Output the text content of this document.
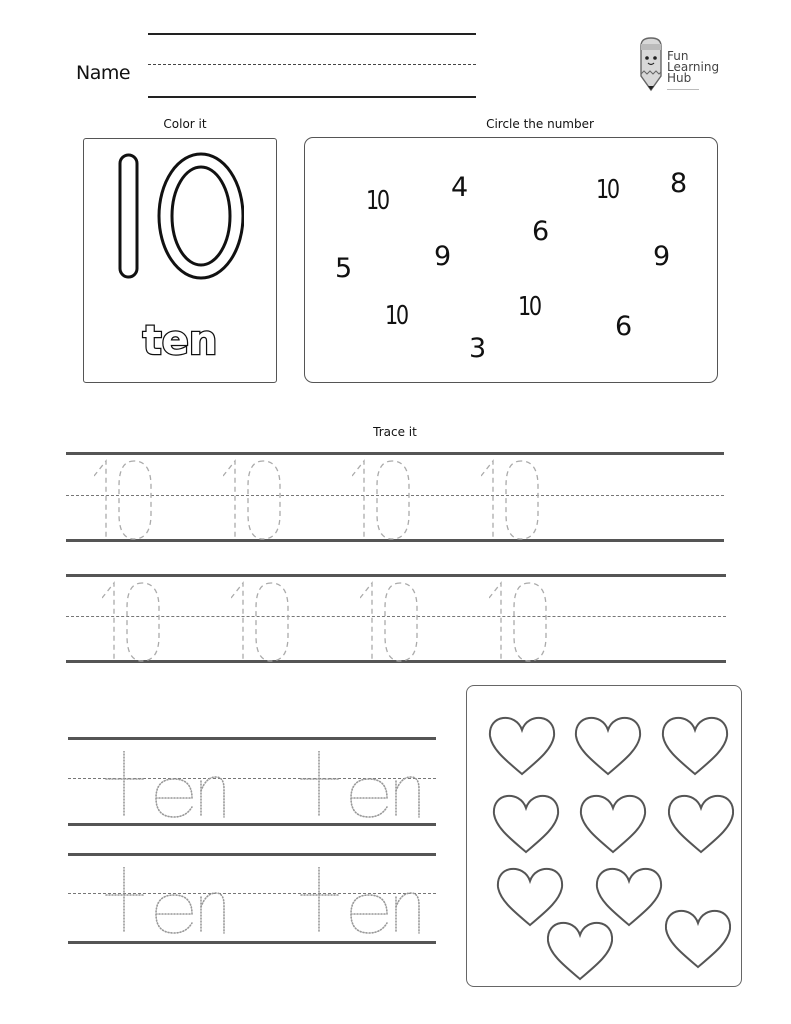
Name
Fun
Learning
Hub
Color it
ten
Circle the number
10 4	10 8
6
9
5	9
10	10
6
3
Trace it
